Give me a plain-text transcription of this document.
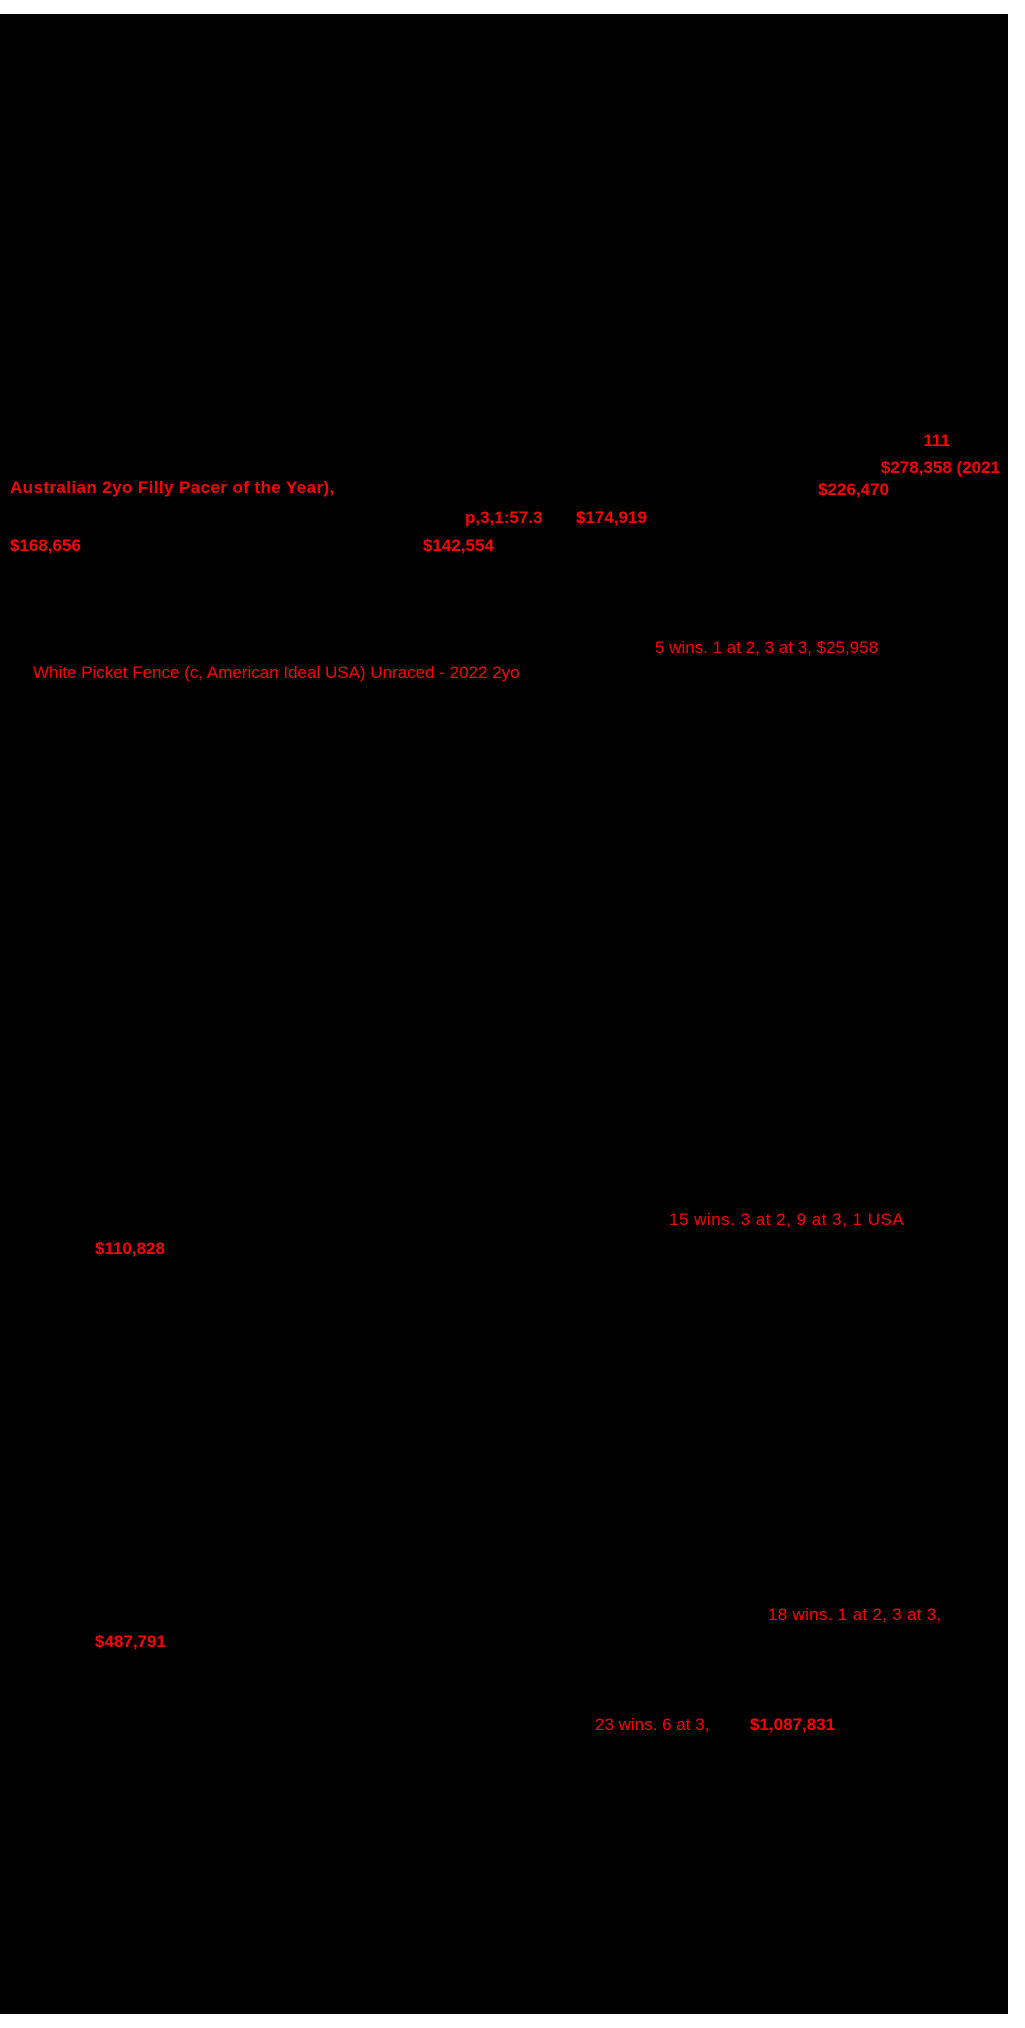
111
$278,358 (2021
$226,470
Australian 2yo Filly Pacer of the Year),
p,3,1:57.3 $174,919
$168,656	$142,554
5 wins. 1 at 2, 3 at 3, $25,958
White Picket Fence (c, American Ideal USA) Unraced - 2022 2yo
15 wins. 3 at 2, 9 at 3, 1 USA
$110,828
18 wins. 1 at 2, 3 at 3,
$487,791
23 wins. 6 at 3, $1,087,831
